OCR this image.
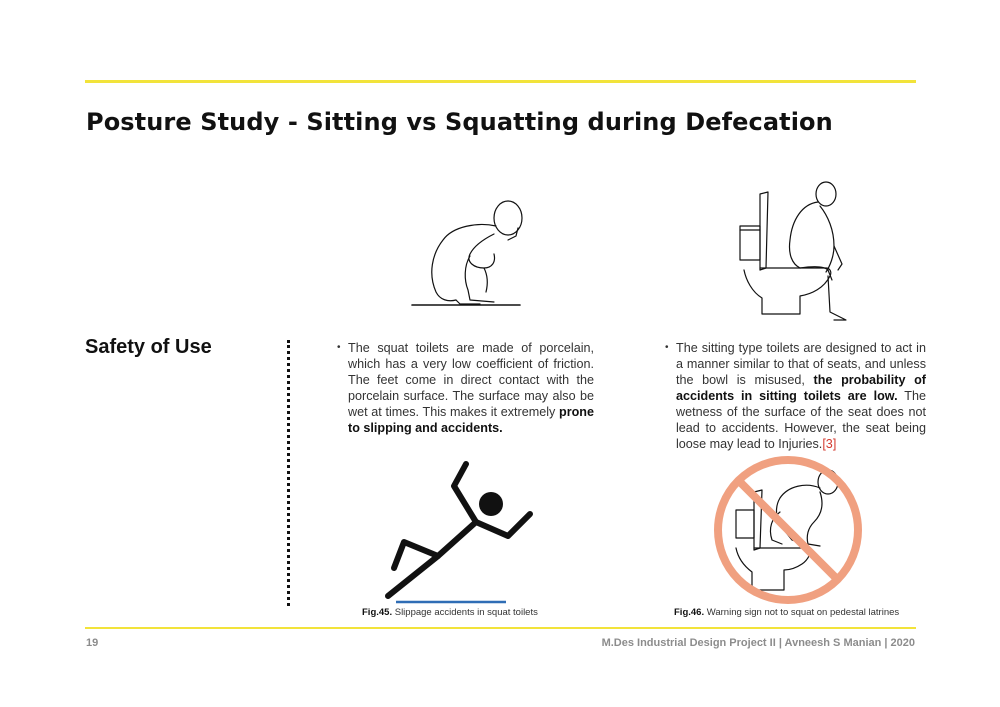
Posture Study - Sitting vs Squatting during Defecation
Safety of Use	• The squat toilets are made of porcelain, which has a very low coefficient of friction. The feet come in direct contact with the porcelain surface. The surface may also be wet at times. This makes it extremely prone to slipping and accidents.

• The sitting type toilets are designed to act in a manner similar to that of seats, and unless the bowl is misused, the probability of accidents in sitting toilets are low. The wetness of the surface of the seat does not lead to accidents. However, the seat being loose may lead to Injuries.[3]

Fig.45. Slippage accidents in squat toilets	Fig.46. Warning sign not to squat on pedestal latrines

19	M.Des Industrial Design Project II | Avneesh S Manian | 2020
